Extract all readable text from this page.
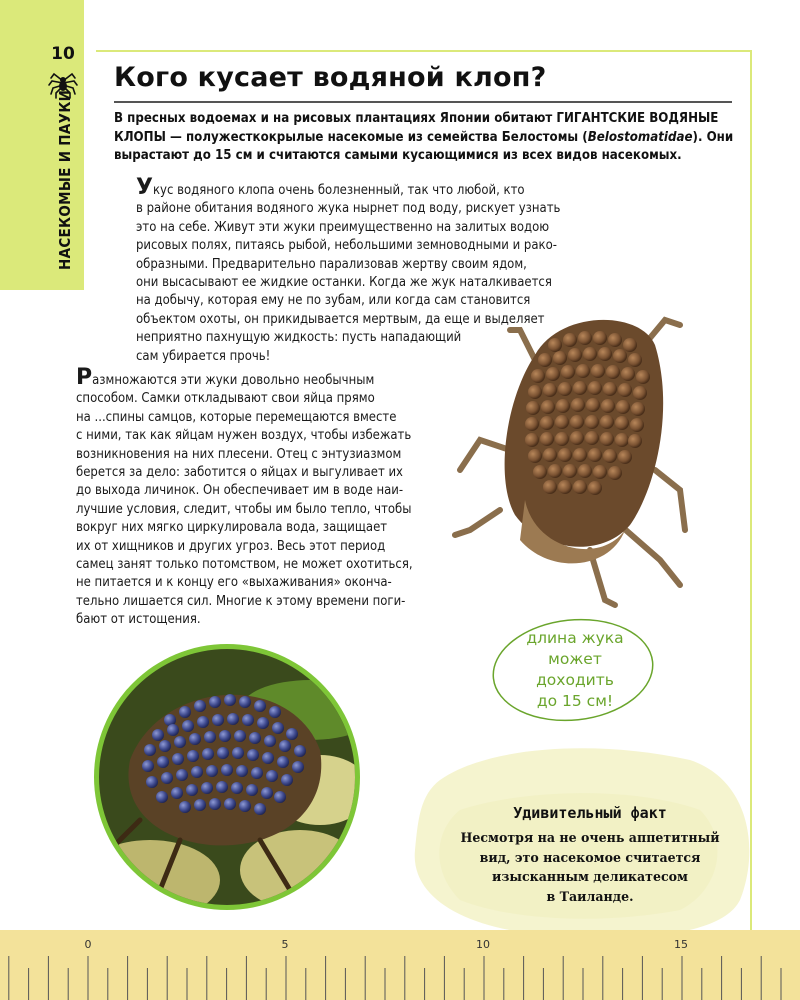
10
НАСЕКОМЫЕ И ПАУКИ
Кого кусает водяной клоп?

В пресных водоемах и на рисовых плантациях Японии обитают ГИГАНТСКИЕ ВОДЯНЫЕ КЛОПЫ — полужесткокрылые насекомые из семейства Белостомы (Belostomatidae). Они вырастают до 15 см и считаются самыми кусающимися из всех видов насекомых.

Укус водяного клопа очень болезненный, так что любой, кто
в районе обитания водяного жука нырнет под воду, рискует узнать
это на себе. Живут эти жуки преимущественно на залитых водою
рисовых полях, питаясь рыбой, небольшими земноводными и рако-
образными. Предварительно парализовав жертву своим ядом,
они высасывают ее жидкие останки. Когда же жук наталкивается
на добычу, которая ему не по зубам, или когда сам становится
объектом охоты, он прикидывается мертвым, да еще и выделяет
неприятно пахнущую жидкость: пусть нападающий
сам убирается прочь!
Размножаются эти жуки довольно необычным
способом. Самки откладывают свои яйца прямо
на ...спины самцов, которые перемещаются вместе
с ними, так как яйцам нужен воздух, чтобы избежать
возникновения на них плесени. Отец с энтузиазмом
берется за дело: заботится о яйцах и выгуливает их
до выхода личинок. Он обеспечивает им в воде наи-
лучшие условия, следит, чтобы им было тепло, чтобы
вокруг них мягко циркулировала вода, защищает
их от хищников и других угроз. Весь этот период
самец занят только потомством, не может охотиться,
не питается и к концу его «выхаживания» оконча-
тельно лишается сил. Многие к этому времени поги-
бают от истощения.
длина жука
может
доходить
до 15 см!
Удивительный факт
Несмотря на не очень аппетитный
вид, это насекомое считается
изысканным деликатесом
в Таиланде.
0	5	10	15
